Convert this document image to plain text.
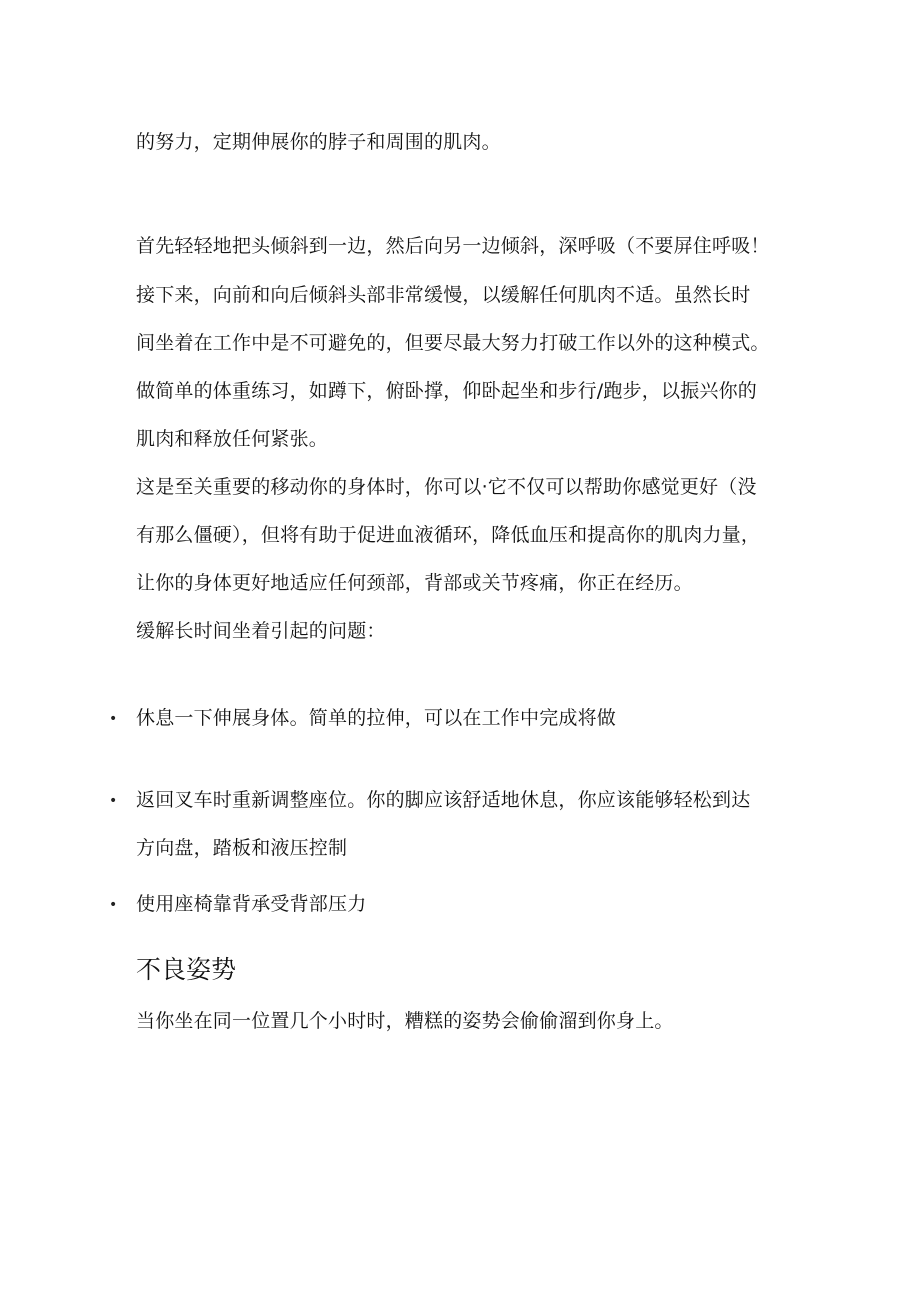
的努力，定期伸展你的脖子和周围的肌肉。
首先轻轻地把头倾斜到一边，然后向另一边倾斜，深呼吸（不要屏住呼吸！
接下来，向前和向后倾斜头部非常缓慢，以缓解任何肌肉不适。虽然长时
间坐着在工作中是不可避免的，但要尽最大努力打破工作以外的这种模式。
做简单的体重练习，如蹲下，俯卧撑，仰卧起坐和步行/跑步，以振兴你的
肌肉和释放任何紧张。
这是至关重要的移动你的身体时，你可以·它不仅可以帮助你感觉更好（没
有那么僵硬），但将有助于促进血液循环，降低血压和提高你的肌肉力量，
让你的身体更好地适应任何颈部，背部或关节疼痛，你正在经历。
缓解长时间坐着引起的问题：
• 休息一下伸展身体。简单的拉伸，可以在工作中完成将做
• 返回叉车时重新调整座位。你的脚应该舒适地休息，你应该能够轻松到达
方向盘，踏板和液压控制
• 使用座椅靠背承受背部压力
不良姿势
当你坐在同一位置几个小时时，糟糕的姿势会偷偷溜到你身上。
